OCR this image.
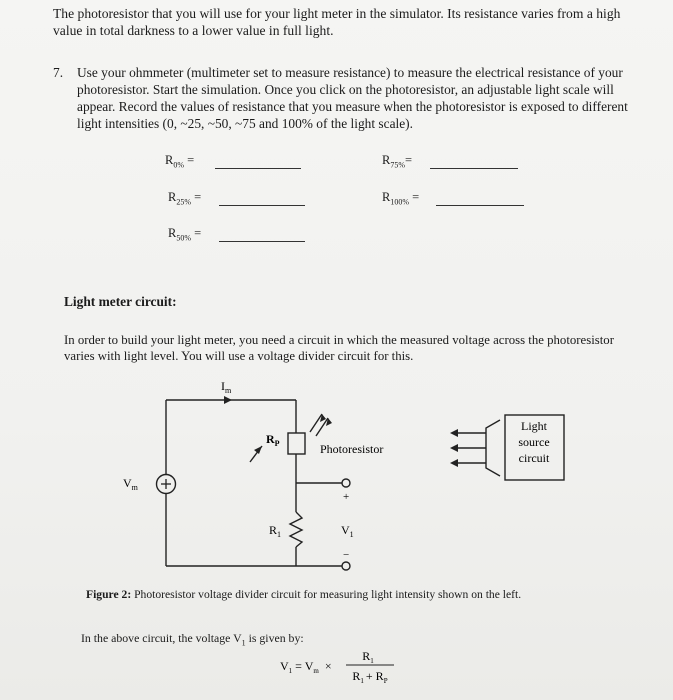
The photoresistor that you will use for your light meter in the simulator. Its resistance varies from a high value in total darkness to a lower value in full light.
7. Use your ohmmeter (multimeter set to measure resistance) to measure the electrical resistance of your photoresistor. Start the simulation. Once you click on the photoresistor, an adjustable light scale will appear. Record the values of resistance that you measure when the photoresistor is exposed to different light intensities (0, ~25, ~50, ~75 and 100% of the light scale).
$R_{0\%}$ =	$R_{75\%}=$
$R_{25\%}$ =	$R_{100\%}$ =
$R_{50\%}$ =
Light meter circuit:
In order to build your light meter, you need a circuit in which the measured voltage across the photoresistor varies with light level. You will use a voltage divider circuit for this.
$I_m$
$V_m$
$R_P$	Photoresistor
$R_1$	$V_1$
+
−
Light
source
circuit
Figure 2: Photoresistor voltage divider circuit for measuring light intensity shown on the left.
In the above circuit, the voltage $V_1$ is given by:
$V_1 = V_m$ ×
$R_1$
$R_1 + R_P$
